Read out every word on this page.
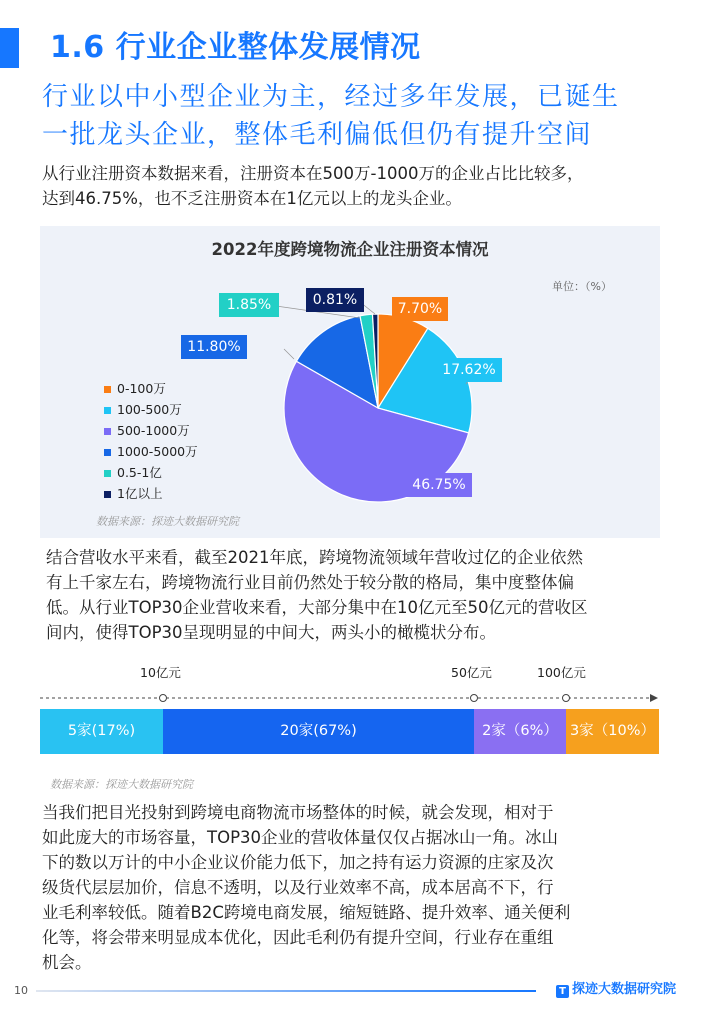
1.6 行业企业整体发展情况
行业以中小型企业为主，经过多年发展，已诞生
一批龙头企业，整体毛利偏低但仍有提升空间
从行业注册资本数据来看，注册资本在500万-1000万的企业占比比较多，
达到46.75%，也不乏注册资本在1亿元以上的龙头企业。
2022年度跨境物流企业注册资本情况
单位：（%）
0-100万
100-500万
500-1000万
1000-5000万
0.5-1亿
1亿以上
7.70%
17.62%
46.75%
11.80%
1.85%	0.81%
数据来源：探迹大数据研究院
结合营收水平来看，截至2021年底，跨境物流领域年营收过亿的企业依然
有上千家左右，跨境物流行业目前仍然处于较分散的格局，集中度整体偏
低。从行业TOP30企业营收来看，大部分集中在10亿元至50亿元的营收区
间内，使得TOP30呈现明显的中间大，两头小的橄榄状分布。
10亿元	50亿元	100亿元
5家(17%)	20家(67%)	2家（6%） 3家（10%）
数据来源：探迹大数据研究院
当我们把目光投射到跨境电商物流市场整体的时候，就会发现，相对于
如此庞大的市场容量，TOP30企业的营收体量仅仅占据冰山一角。冰山
下的数以万计的中小企业议价能力低下，加之持有运力资源的庄家及次
级货代层层加价，信息不透明，以及行业效率不高，成本居高不下，行
业毛利率较低。随着B2C跨境电商发展，缩短链路、提升效率、通关便利
化等，将会带来明显成本优化，因此毛利仍有提升空间，行业存在重组
机会。
10	T 探迹大数据研究院
